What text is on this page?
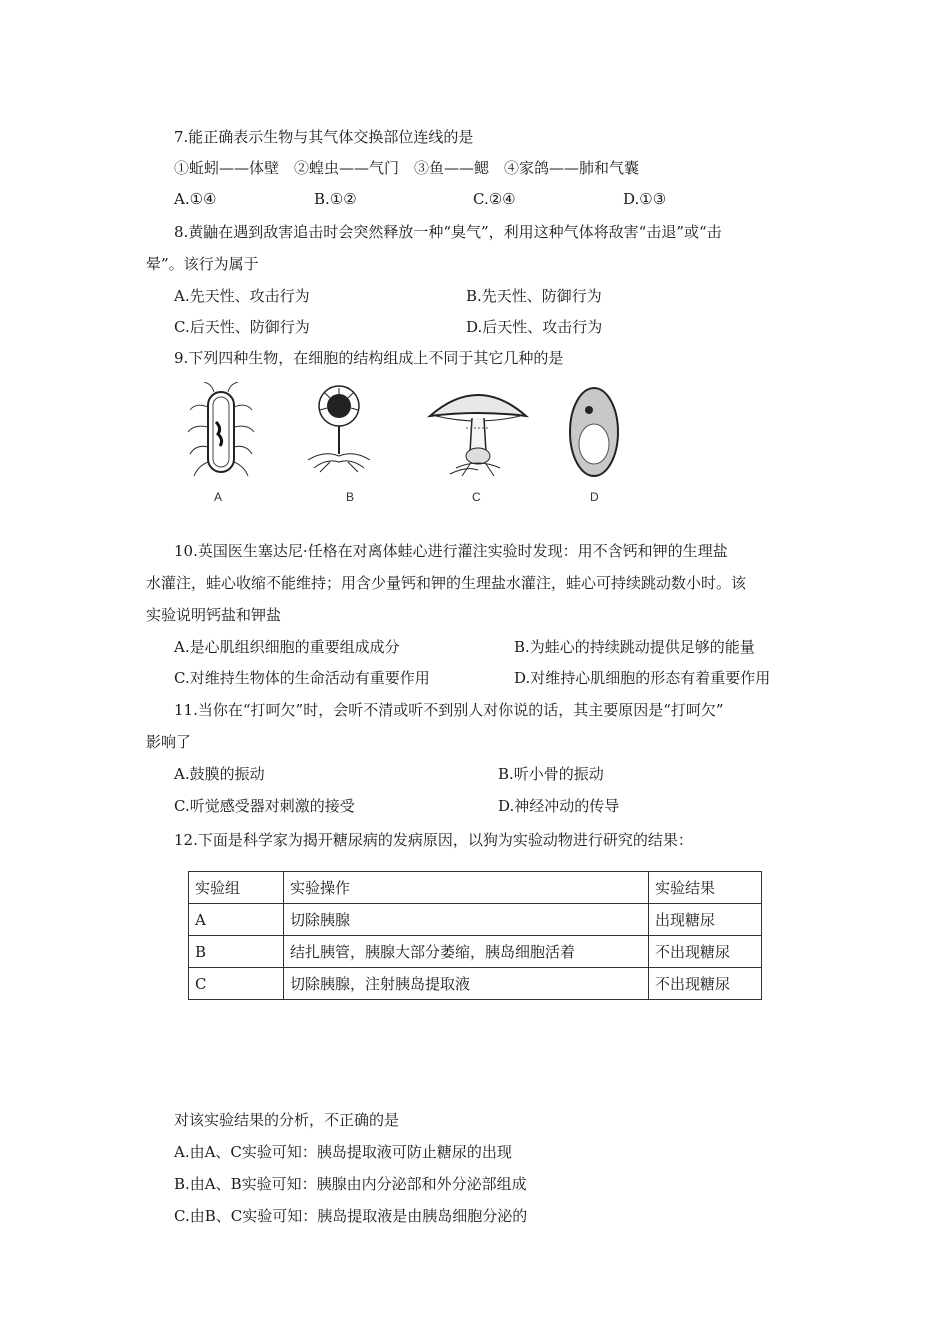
7.能正确表示生物与其气体交换部位连线的是
①蚯蚓——体壁　②蝗虫——气门　③鱼——鳃　④家鸽——肺和气囊
A.①④	B.①②	C.②④	D.①③
8.黄鼬在遇到敌害追击时会突然释放一种“臭气”，利用这种气体将敌害“击退”或“击
晕”。该行为属于
A.先天性、攻击行为	B.先天性、防御行为
C.后天性、防御行为	D.后天性、攻击行为
9.下列四种生物，在细胞的结构组成上不同于其它几种的是
A	B	C	D
10.英国医生塞达尼·任格在对离体蛙心进行灌注实验时发现：用不含钙和钾的生理盐
水灌注，蛙心收缩不能维持；用含少量钙和钾的生理盐水灌注，蛙心可持续跳动数小时。该
实验说明钙盐和钾盐
A.是心肌组织细胞的重要组成成分	B.为蛙心的持续跳动提供足够的能量
C.对维持生物体的生命活动有重要作用	D.对维持心肌细胞的形态有着重要作用
11.当你在“打呵欠”时，会听不清或听不到别人对你说的话，其主要原因是“打呵欠”
影响了
A.鼓膜的振动	B.听小骨的振动
C.听觉感受器对刺激的接受	D.神经冲动的传导
12.下面是科学家为揭开糖尿病的发病原因，以狗为实验动物进行研究的结果：
实验组	实验操作	实验结果
A	切除胰腺	出现糖尿
B	结扎胰管，胰腺大部分萎缩，胰岛细胞活着	不出现糖尿
C	切除胰腺，注射胰岛提取液	不出现糖尿
对该实验结果的分析，不正确的是
A.由A、C实验可知：胰岛提取液可防止糖尿的出现
B.由A、B实验可知：胰腺由内分泌部和外分泌部组成
C.由B、C实验可知：胰岛提取液是由胰岛细胞分泌的
